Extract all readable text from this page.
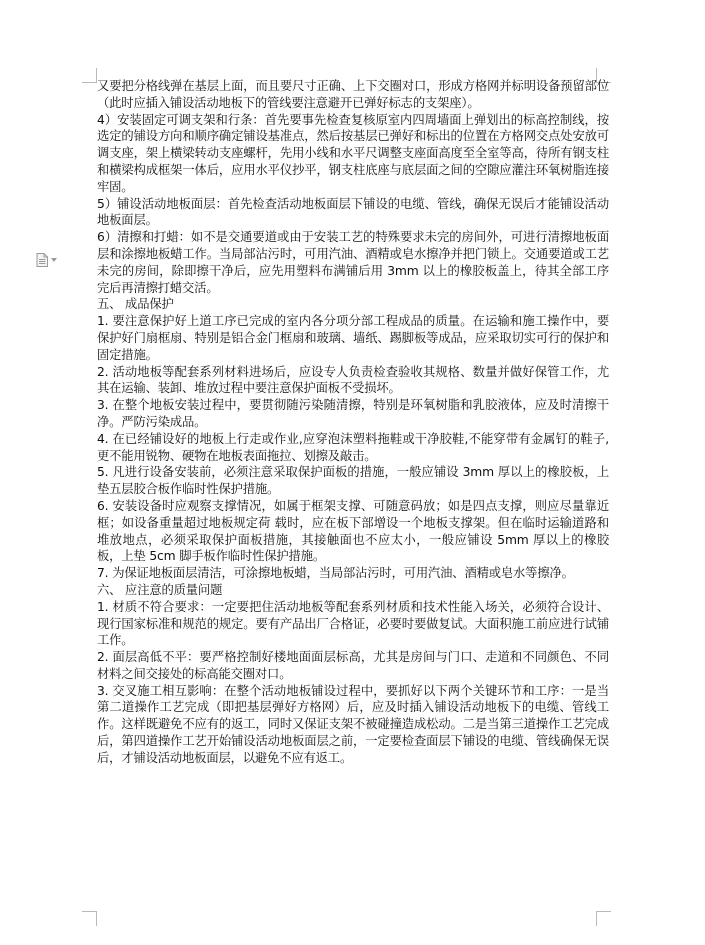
又要把分格线弹在基层上面，而且要尺寸正确、上下交圈对口，形成方格网并标明设备预留部位（此时应插入铺设活动地板下的管线要注意避开已弹好标志的支架座）。

4）安装固定可调支架和行条：首先要事先检查复核原室内四周墙面上弹划出的标高控制线，按选定的铺设方向和顺序确定铺设基准点，然后按基层已弹好和标出的位置在方格网交点处安放可调支座，架上横梁转动支座螺杆，先用小线和水平尺调整支座面高度至全室等高，待所有钢支柱和横梁构成框架一体后，应用水平仪抄平，钢支柱底座与底层面之间的空隙应灌注环氧树脂连接牢固。

5）铺设活动地板面层：首先检查活动地板面层下铺设的电缆、管线，确保无误后才能铺设活动地板面层。

6）清擦和打蜡：如不是交通要道或由于安装工艺的特殊要求未完的房间外，可进行清擦地板面层和涂擦地板蜡工作。当局部沾污时，可用汽油、酒精或皂水擦净并把门锁上。交通要道或工艺未完的房间，除即擦干净后，应先用塑料布满铺后用 3mm 以上的橡胶板盖上，待其全部工序完后再清擦打蜡交活。

五、 成品保护

1. 要注意保护好上道工序已完成的室内各分项分部工程成品的质量。在运输和施工操作中，要保护好门扇框扇、特别是铝合金门框扇和玻璃、墙纸、踢脚板等成品，应采取切实可行的保护和固定措施。

2. 活动地板等配套系列材料进场后，应设专人负责检查验收其规格、数量并做好保管工作，尤其在运输、装卸、堆放过程中要注意保护面板不受损坏。

3. 在整个地板安装过程中，要贯彻随污染随清擦，特别是环氧树脂和乳胶液体，应及时清擦干净。严防污染成品。

4. 在已经铺设好的地板上行走或作业,应穿泡沫塑料拖鞋或干净胶鞋,不能穿带有金属钉的鞋子,更不能用锐物、硬物在地板表面拖拉、划擦及敲击。

5. 凡进行设备安装前，必须注意采取保护面板的措施，一般应铺设 3mm 厚以上的橡胶板，上垫五层胶合板作临时性保护措施。

6. 安装设备时应观察支撑情况，如属于框架支撑、可随意码放；如是四点支撑，则应尽量靠近框；如设备重量超过地板规定荷 载时，应在板下部增设一个地板支撑架。但在临时运输道路和堆放地点，必须采取保护面板措施，其接触面也不应太小，一般应铺设 5mm 厚以上的橡胶板，上垫 5cm 脚手板作临时性保护措施。

7. 为保证地板面层清洁，可涂擦地板蜡，当局部沾污时，可用汽油、酒精或皂水等擦净。

六、 应注意的质量问题

1. 材质不符合要求：一定要把住活动地板等配套系列材质和技术性能入场关，必须符合设计、现行国家标准和规范的规定。要有产品出厂合格证，必要时要做复试。大面积施工前应进行试铺工作。

2. 面层高低不平：要严格控制好楼地面面层标高，尤其是房间与门口、走道和不同颜色、不同材料之间交接处的标高能交圈对口。

3. 交叉施工相互影响：在整个活动地板铺设过程中，要抓好以下两个关键环节和工序：一是当第二道操作工艺完成（即把基层弹好方格网）后，应及时插入铺设活动地板下的电缆、管线工作。这样既避免不应有的返工，同时又保证支架不被碰撞造成松动。二是当第三道操作工艺完成后，第四道操作工艺开始铺设活动地板面层之前，一定要检查面层下铺设的电缆、管线确保无误后，才铺设活动地板面层，以避免不应有返工。
